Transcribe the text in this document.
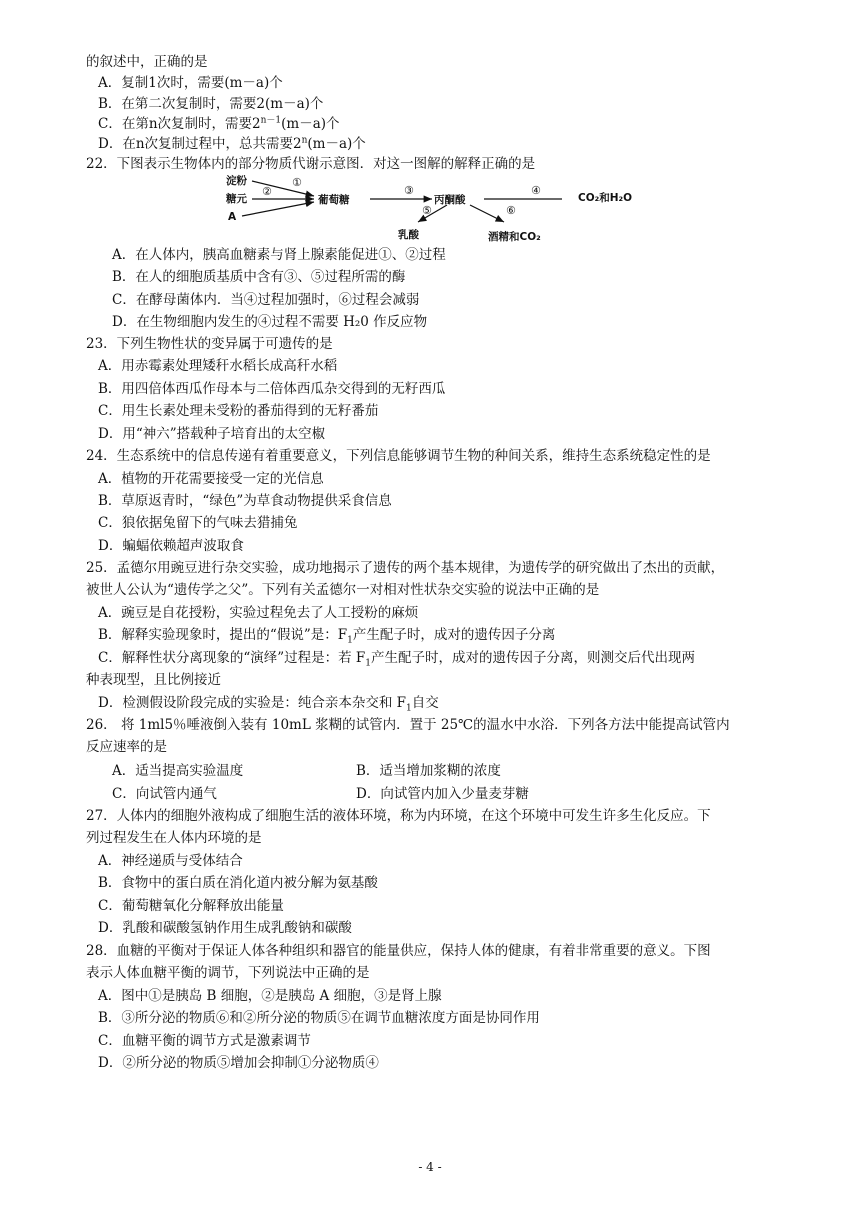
的叙述中，正确的是
A．复制1次时，需要(m－a)个
B．在第二次复制时，需要2(m－a)个
C．在第n次复制时，需要$2^{n-1}(m-a)$个
D．在n次复制过程中，总共需要$2^n(m-a)$个
22．下图表示生物体内的部分物质代谢示意图．对这一图解的解释正确的是
淀粉
糖元
A
①
②
葡萄糖
③
丙酮酸
④
⑤	⑥
乳酸	酒精和CO₂
CO₂和H₂O
A．在人体内，胰高血糖素与肾上腺素能促进①、②过程
B．在人的细胞质基质中含有③、⑤过程所需的酶
C．在酵母菌体内．当④过程加强时，⑥过程会减弱
D．在生物细胞内发生的④过程不需要 H₂0 作反应物
23．下列生物性状的变异属于可遗传的是
A．用赤霉素处理矮秆水稻长成高秆水稻
B．用四倍体西瓜作母本与二倍体西瓜杂交得到的无籽西瓜
C．用生长素处理未受粉的番茄得到的无籽番茄
D．用“神六”搭载种子培育出的太空椒
24．生态系统中的信息传递有着重要意义，下列信息能够调节生物的种间关系，维持生态系统稳定性的是
A．植物的开花需要接受一定的光信息
B．草原返青时，“绿色”为草食动物提供采食信息
C．狼依据兔留下的气味去猎捕兔
D．蝙蝠依赖超声波取食
25．孟德尔用豌豆进行杂交实验，成功地揭示了遗传的两个基本规律，为遗传学的研究做出了杰出的贡献，
被世人公认为“遗传学之父”。下列有关孟德尔一对相对性状杂交实验的说法中正确的是
A．豌豆是自花授粉，实验过程免去了人工授粉的麻烦
B．解释实验现象时，提出的“假说”是：$F_1$产生配子时，成对的遗传因子分离
C．解释性状分离现象的“演绎”过程是：若 $F_1$产生配子时，成对的遗传因子分离，则测交后代出现两
种表现型，且比例接近
D．检测假设阶段完成的实验是：纯合亲本杂交和 $F_1$自交
26． 将 1ml5％唾液倒入装有 10mL 浆糊的试管内．置于 25℃的温水中水浴．下列各方法中能提高试管内
反应速率的是
A．适当提高实验温度	B．适当增加浆糊的浓度
C．向试管内通气	D．向试管内加入少量麦芽糖
27．人体内的细胞外液构成了细胞生活的液体环境，称为内环境，在这个环境中可发生许多生化反应。下
列过程发生在人体内环境的是
A．神经递质与受体结合
B．食物中的蛋白质在消化道内被分解为氨基酸
C．葡萄糖氧化分解释放出能量
D．乳酸和碳酸氢钠作用生成乳酸钠和碳酸
28．血糖的平衡对于保证人体各种组织和器官的能量供应，保持人体的健康，有着非常重要的意义。下图
表示人体血糖平衡的调节，下列说法中正确的是
A．图中①是胰岛 B 细胞，②是胰岛 A 细胞，③是肾上腺
B．③所分泌的物质⑥和②所分泌的物质⑤在调节血糖浓度方面是协同作用
C．血糖平衡的调节方式是激素调节
D．②所分泌的物质⑤增加会抑制①分泌物质④
- 4 -
